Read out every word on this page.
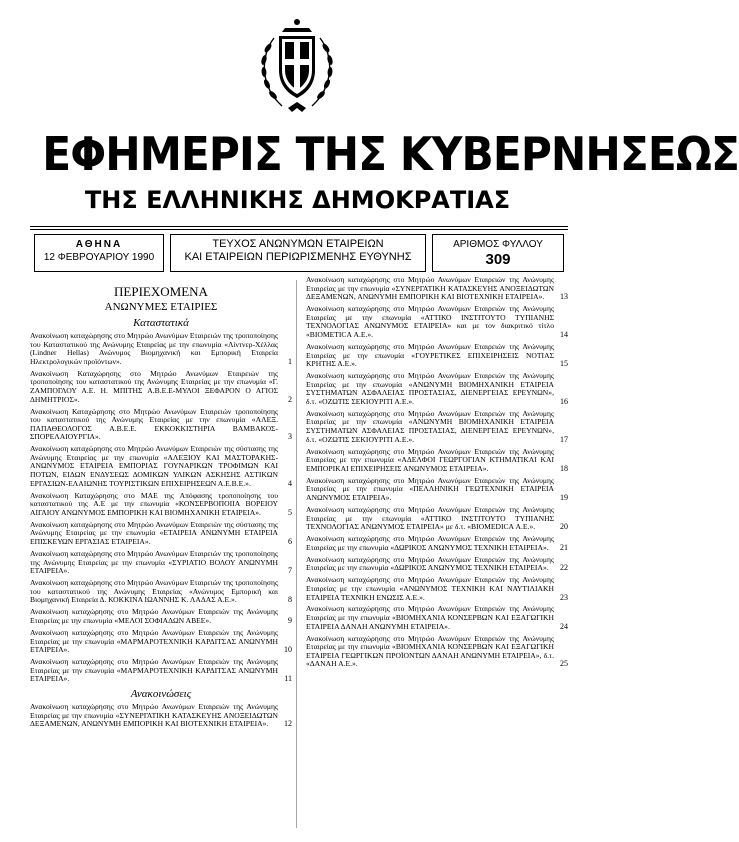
ΕΦΗΜΕΡΙΣ ΤΗΣ ΚΥΒΕΡΝΗΣΕΩΣ
ΤΗΣ ΕΛΛΗΝΙΚΗΣ ΔΗΜΟΚΡΑΤΙΑΣ
ΑΘΗΝΑ
12 ΦΕΒΡΟΥΑΡΙΟΥ 1990
ΤΕΥΧΟΣ ΑΝΩΝΥΜΩΝ ΕΤΑΙΡΕΙΩΝ
ΚΑΙ ΕΤΑΙΡΕΙΩΝ ΠΕΡΙΩΡΙΣΜΕΝΗΣ ΕΥΘΥΝΗΣ
ΑΡΙΘΜΟΣ ΦΥΛΛΟΥ
309
ΠΕΡΙΕΧΟΜΕΝΑ
ΑΝΩΝΥΜΕΣ ΕΤΑΙΡΙΕΣ
Καταστατικά
Ανακοίνωση καταχώρησης στο Μητρώο Ανωνύμων Εταιρειών της τροποποίησης του Καταστατικού της Ανώνυμης Εταιρείας με την επωνυμία «Λίντνερ-Χέλλας (Lindner Hellas) Ανώνυμος Βιομηχανική και Εμπορική Εταιρεία Ηλεκτρολογικών προϊόντων».	1
Ανακοίνωση Καταχώρησης στο Μητρώο Ανωνύμων Εταιρειών της τροποποίησης του καταστατικού της Ανώνυμης Εταιρείας με την επωνυμία «Γ. ΖΑΜΠΟΓΛΟΥ Α.Ε. Η. ΜΠΙΤΗΣ Α.Β.Ε.Ε-ΜΥΛΟΙ ΞΕΦΑΡΟΝ Ο ΑΓΙΟΣ ΔΗΜΗΤΡΙΟΣ».	2
Ανακοίνωση Καταχώρησης στο Μητρώο Ανωνύμων Εταιρειών τροποποίησης του καταστατικού της Ανώνυμης Εταιρείας με την επωνυμία «ΑΛΕΞ. ΠΑΠΑΘΕΟΛΟΓΟΣ Α.Β.Ε.Ε. ΕΚΚΟΚΚΙΣΤΗΡΙΑ ΒΑΜΒΑΚΟΣ-ΣΠΟΡΕΛΑΙΟΥΡΓΙΑ».	3
Ανακοίνωση καταχώρησης στο Μητρώο Ανωνύμων Εταιρειών της σύστασης της Ανώνυμης Εταιρείας με την επωνυμία «ΑΛΕΞΙΟΥ ΚΑΙ ΜΑΣΤΟΡΑΚΗΣ-ΑΝΩΝΥΜΟΣ ΕΤΑΙΡΕΙΑ ΕΜΠΟΡΙΑΣ ΓΟΥΝΑΡΙΚΩΝ ΤΡΟΦΙΜΩΝ ΚΑΙ ΠΟΤΩΝ, ΕΙΔΩΝ ΕΝΔΥΣΕΩΣ ΔΟΜΙΚΩΝ ΥΛΙΚΩΝ ΑΣΚΗΣΗΣ ΑΣΤΙΚΩΝ ΕΡΓΑΣΙΩΝ-ΕΛΑΙΩΝΗΣ ΤΟΥΡΙΣΤΙΚΩΝ ΕΠΙΧΕΙΡΗΣΕΩΝ Α.Ε.Β.Ε.».	4
Ανακοίνωση Καταχώρησης στο ΜΑΕ της Απόφασης τροποποίησης του καταστατικού της Α.Ε με την επωνυμία «ΚΟΝΣΕΡΒΟΠΟΙΙΑ ΒΟΡΕΙΟΥ ΑΙΓΑΙΟΥ ΑΝΩΝΥΜΟΣ ΕΜΠΟΡΙΚΗ ΚΑΙ ΒΙΟΜΗΧΑΝΙΚΗ ΕΤΑΙΡΕΙΑ».	5
Ανακοίνωση καταχώρησης στο Μητρώο Ανωνύμων Εταιρειών της σύστασης της Ανώνυμης Εταιρείας με την επωνυμία «ΕΤΑΙΡΕΙΑ ΑΝΩΝΥΜΗ ΕΤΑΙΡΕΙΑ ΕΠΙΣΚΕΥΩΝ ΕΡΓΑΣΙΑΣ ΕΤΑΙΡΕΙΑ».	6
Ανακοίνωση καταχώρησης στο Μητρώο Ανωνύμων Εταιρειών της τροποποίησης της Ανώνυμης Εταιρείας με την επωνυμία «ΣΥΡΙΑΤΙΟ ΒΟΛΟΥ ΑΝΩΝΥΜΗ ΕΤΑΙΡΕΙΑ».	7
Ανακοίνωση καταχώρησης στο Μητρώο Ανωνύμων Εταιρειών της τροποποίησης του καταστατικού της Ανώνυμης Εταιρείας «Ανώνυμος Εμπορική και Βιομηχανική Εταιρεία Δ. ΚΟΚΚΙΝΑ ΙΩΑΝΝΗΣ Κ. ΛΑΔΑΣ Α.Ε.».	8
Ανακοίνωση καταχώρησης στο Μητρώο Ανωνύμων Εταιρειών της Ανώνυμης Εταιρείας με την επωνυμία «ΜΕΛΟΙ ΣΟΦΙΑΔΩΝ ΑΒΕΕ».	9
Ανακοίνωση καταχώρησης στο Μητρώο Ανωνύμων Εταιρειών της Ανώνυμης Εταιρείας με την επωνυμία «ΜΑΡΜΑΡΟΤΕΧΝΙΚΗ ΚΑΡΔΙΤΣΑΣ ΑΝΩΝΥΜΗ ΕΤΑΙΡΕΙΑ».	10
Ανακοίνωση καταχώρησης στο Μητρώο Ανωνύμων Εταιρειών της Ανώνυμης Εταιρείας με την επωνυμία «ΜΑΡΜΑΡΟΤΕΧΝΙΚΗ ΚΑΡΔΙΤΣΑΣ ΑΝΩΝΥΜΗ ΕΤΑΙΡΕΙΑ».	11
Ανακοινώσεις
Ανακοίνωση καταχώρησης στο Μητρώο Ανωνύμων Εταιρειών της Ανώνυμης Εταιρείας με την επωνυμία «ΣΥΝΕΡΓΑΤΙΚΗ ΚΑΤΑΣΚΕΥΗΣ ΑΝΟΞΕΙΔΩΤΩΝ ΔΕΞΑΜΕΝΩΝ, ΑΝΩΝΥΜΗ ΕΜΠΟΡΙΚΗ ΚΑΙ ΒΙΟΤΕΧΝΙΚΗ ΕΤΑΙΡΕΙΑ». 12
Ανακοίνωση καταχώρησης στο Μητρώο Ανωνύμων Εταιρειών της Ανώνυμης Εταιρείας με την επωνυμία «ΣΥΝΕΡΓΑΤΙΚΗ ΚΑΤΑΣΚΕΥΗΣ ΑΝΟΞΕΙΔΩΤΩΝ ΔΕΞΑΜΕΝΩΝ, ΑΝΩΝΥΜΗ ΕΜΠΟΡΙΚΗ ΚΑΙ ΒΙΟΤΕΧΝΙΚΗ ΕΤΑΙΡΕΙΑ». 13
Ανακοίνωση καταχώρησης στο Μητρώο Ανωνύμων Εταιρειών της Ανώνυμης Εταιρείας με την επωνυμία «ΑΤΤΙΚΟ ΙΝΣΤΙΤΟΥΤΟ ΤΥΠΙΑΝΗΣ ΤΕΧΝΟΛΟΓΙΑΣ ΑΝΩΝΥΜΟΣ ΕΤΑΙΡΕΙΑ» και με τον διακριτικό τίτλο «ΒΙΟΜΕΤΙCA Α.Ε.».	14
Ανακοίνωση καταχώρησης στο Μητρώο Ανωνύμων Εταιρειών της Ανώνυμης Εταιρείας με την επωνυμία «ΓΟΥΡΕΤΙΚΕΣ ΕΠΙΧΕΙΡΗΣΕΙΣ ΝΟΤΙΑΣ ΚΡΗΤΗΣ Α.Ε.».	15
Ανακοίνωση καταχώρησης στο Μητρώο Ανωνύμων Εταιρειών της Ανώνυμης Εταιρείας με την επωνυμία «ΑΝΩΝΥΜΗ ΒΙΟΜΗΧΑΝΙΚΗ ΕΤΑΙΡΕΙΑ ΣΥΣΤΗΜΑΤΩΝ ΑΣΦΑΛΕΙΑΣ ΠΡΟΣΤΑΣΙΑΣ, ΔΙΕΝΕΡΓΕΙΑΣ ΕΡΕΥΝΩΝ», δ.τ. «ΟΖΩΤΙΣ ΣΕΚΙΟΥΡΙΤΙ Α.Ε.».	16
Ανακοίνωση καταχώρησης στο Μητρώο Ανωνύμων Εταιρειών της Ανώνυμης Εταιρείας με την επωνυμία «ΑΝΩΝΥΜΗ ΒΙΟΜΗΧΑΝΙΚΗ ΕΤΑΙΡΕΙΑ ΣΥΣΤΗΜΑΤΩΝ ΑΣΦΑΛΕΙΑΣ ΠΡΟΣΤΑΣΙΑΣ, ΔΙΕΝΕΡΓΕΙΑΣ ΕΡΕΥΝΩΝ», δ.τ. «ΟΖΩΤΙΣ ΣΕΚΙΟΥΡΙΤΙ Α.Ε.».	17
Ανακοίνωση καταχώρησης στο Μητρώο Ανωνύμων Εταιρειών της Ανώνυμης Εταιρείας με την επωνυμία «ΑΔΕΛΦΟΙ ΓΕΩΡΓΟΓΙΑΝ ΚΤΗΜΑΤΙΚΑΙ ΚΑΙ ΕΜΠΟΡΙΚΑΙ ΕΠΙΧΕΙΡΗΣΕΙΣ ΑΝΩΝΥΜΟΣ ΕΤΑΙΡΕΙΑ».	18
Ανακοίνωση καταχώρησης στο Μητρώο Ανωνύμων Εταιρειών της Ανώνυμης Εταιρείας με την επωνυμία «ΠΕΛΛΗΝΙΚΗ ΓΕΩΤΕΧΝΙΚΗ ΕΤΑΙΡΕΙΑ ΑΝΩΝΥΜΟΣ ΕΤΑΙΡΕΙΑ».	19
Ανακοίνωση καταχώρησης στο Μητρώο Ανωνύμων Εταιρειών της Ανώνυμης Εταιρείας με την επωνυμία «ΑΤΤΙΚΟ ΙΝΣΤΙΤΟΥΤΟ ΤΥΠΙΑΝΗΣ ΤΕΧΝΟΛΟΓΙΑΣ ΑΝΩΝΥΜΟΣ ΕΤΑΙΡΕΙΑ» με δ.τ. «ΒΙΟΜΕDICA Α.Ε.».	20
Ανακοίνωση καταχώρησης στο Μητρώο Ανωνύμων Εταιρειών της Ανώνυμης Εταιρείας με την επωνυμία «ΔΩΡΙΚΟΣ ΑΝΩΝΥΜΟΣ ΤΕΧΝΙΚΗ ΕΤΑΙΡΕΙΑ». 21
Ανακοίνωση καταχώρησης στο Μητρώο Ανωνύμων Εταιρειών της Ανώνυμης Εταιρείας με την επωνυμία «ΔΩΡΙΚΟΣ ΑΝΩΝΥΜΟΣ ΤΕΧΝΙΚΗ ΕΤΑΙΡΕΙΑ». 22
Ανακοίνωση καταχώρησης στο Μητρώο Ανωνύμων Εταιρειών της Ανώνυμης Εταιρείας με την επωνυμία «ΑΝΩΝΥΜΟΣ ΤΕΧΝΙΚΗ ΚΑΙ ΝΑΥΤΙΛΙΑΚΗ ΕΤΑΙΡΕΙΑ ΤΕΧΝΙΚΗ ΕΝΩΣΙΣ Α.Ε.».	23
Ανακοίνωση καταχώρησης στο Μητρώο Ανωνύμων Εταιρειών της Ανώνυμης Εταιρείας με την επωνυμία «ΒΙΟΜΗΧΑΝΙΑ ΚΟΝΣΕΡΒΩΝ ΚΑΙ ΕΞΑΓΩΓΙΚΗ ΕΤΑΙΡΕΙΑ ΔΑΝΑΗ ΑΝΩΝΥΜΗ ΕΤΑΙΡΕΙΑ».	24
Ανακοίνωση καταχώρησης στο Μητρώο Ανωνύμων Εταιρειών της Ανώνυμης Εταιρείας με την επωνυμία «ΒΙΟΜΗΧΑΝΙΑ ΚΟΝΣΕΡΒΩΝ ΚΑΙ ΕΞΑΓΩΓΙΚΗ ΕΤΑΙΡΕΙΑ ΓΕΩΡΓΙΚΩΝ ΠΡΟΪΟΝΤΩΝ ΔΑΝΑΗ ΑΝΩΝΥΜΗ ΕΤΑΙΡΕΙΑ», δ.τ. «ΔΑΝΑΗ Α.Ε.».	25
